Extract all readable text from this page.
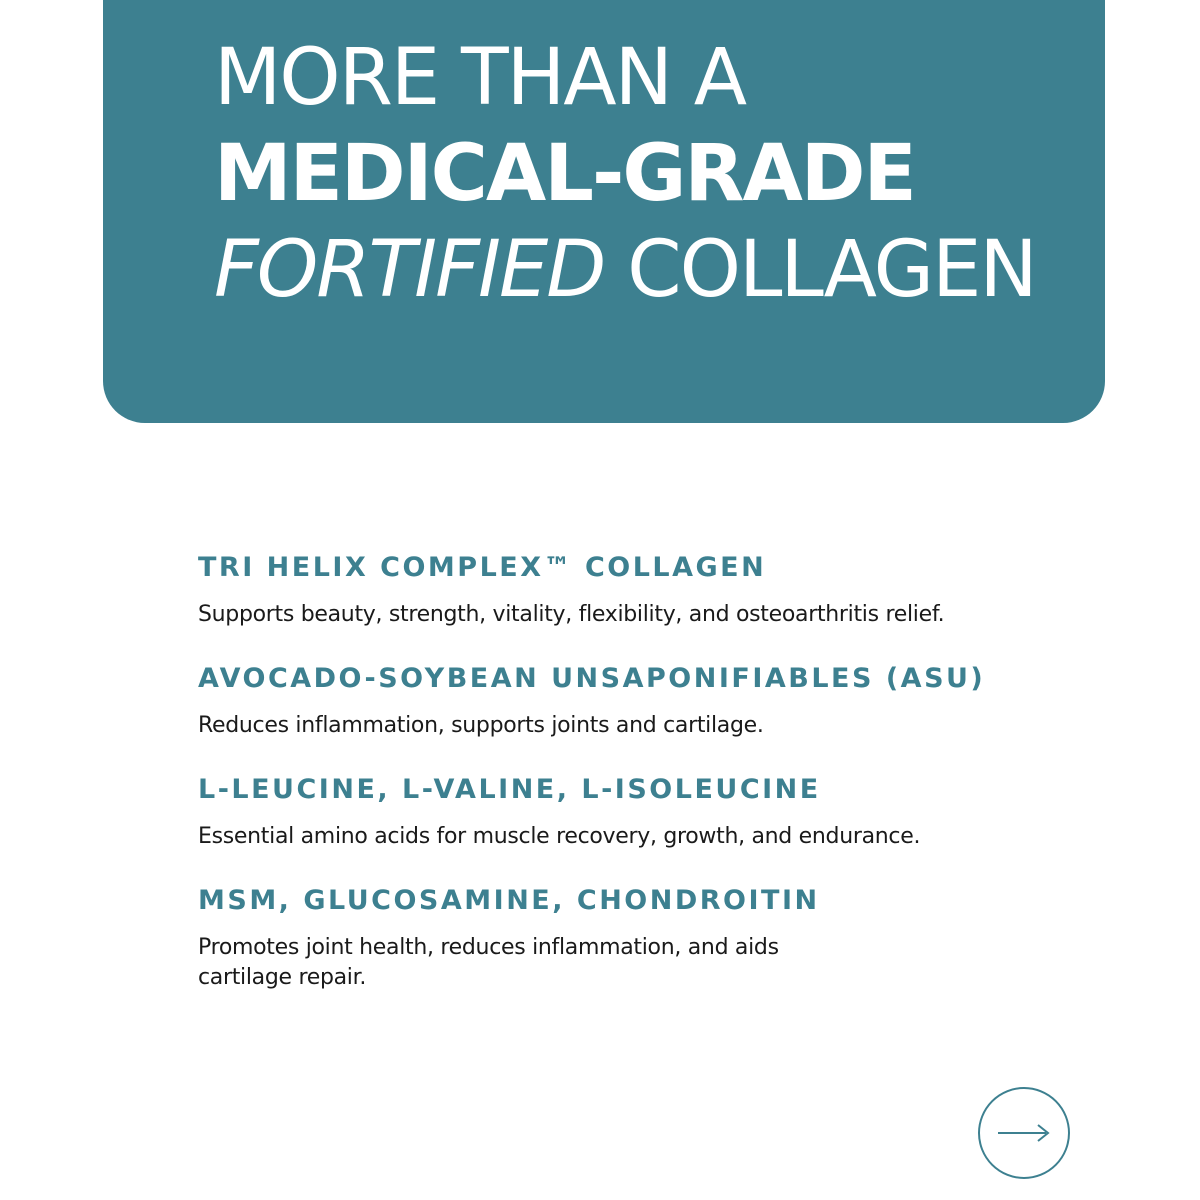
MORE THAN A
MEDICAL-GRADE
FORTIFIED COLLAGEN
TRI HELIX COMPLEX™ COLLAGEN

Supports beauty, strength, vitality, flexibility, and osteoarthritis relief.

AVOCADO-SOYBEAN UNSAPONIFIABLES (ASU)

Reduces inflammation, supports joints and cartilage.

L-LEUCINE, L-VALINE, L-ISOLEUCINE

Essential amino acids for muscle recovery, growth, and endurance.

MSM, GLUCOSAMINE, CHONDROITIN

Promotes joint health, reduces inflammation, and aids cartilage repair.
